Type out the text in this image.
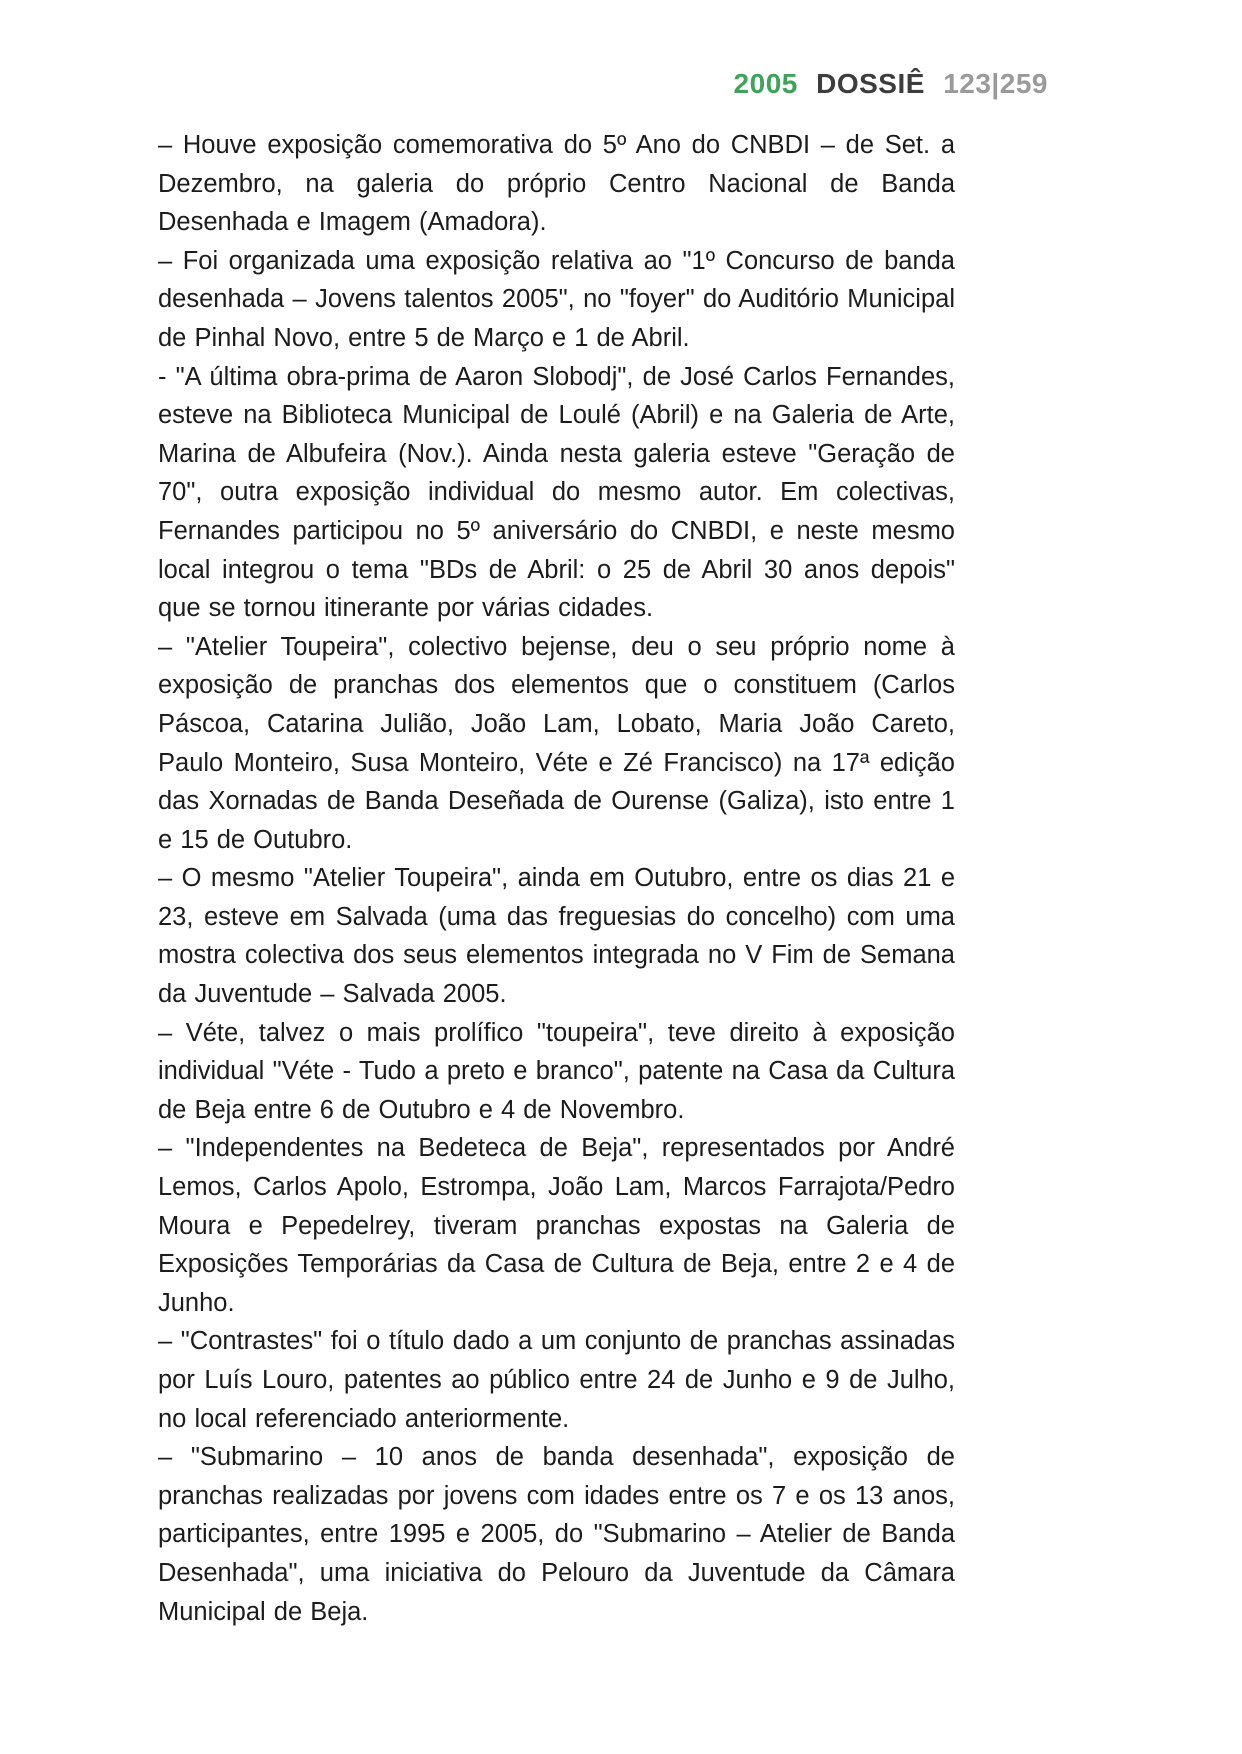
2005 DOSSIÊ 123|259

– Houve exposição comemorativa do 5º Ano do CNBDI – de Set. a Dezembro, na galeria do próprio Centro Nacional de Banda Desenhada e Imagem (Amadora).

– Foi organizada uma exposição relativa ao "1º Concurso de banda desenhada – Jovens talentos 2005", no "foyer" do Auditório Municipal de Pinhal Novo, entre 5 de Março e 1 de Abril.

- "A última obra-prima de Aaron Slobodj", de José Carlos Fernandes, esteve na Biblioteca Municipal de Loulé (Abril) e na Galeria de Arte, Marina de Albufeira (Nov.). Ainda nesta galeria esteve "Geração de 70", outra exposição individual do mesmo autor. Em colectivas, Fernandes participou no 5º aniversário do CNBDI, e neste mesmo local integrou o tema "BDs de Abril: o 25 de Abril 30 anos depois" que se tornou itinerante por várias cidades.

– "Atelier Toupeira", colectivo bejense, deu o seu próprio nome à exposição de pranchas dos elementos que o constituem (Carlos Páscoa, Catarina Julião, João Lam, Lobato, Maria João Careto, Paulo Monteiro, Susa Monteiro, Véte e Zé Francisco) na 17ª edição das Xornadas de Banda Deseñada de Ourense (Galiza), isto entre 1 e 15 de Outubro.

– O mesmo "Atelier Toupeira", ainda em Outubro, entre os dias 21 e 23, esteve em Salvada (uma das freguesias do concelho) com uma mostra colectiva dos seus elementos integrada no V Fim de Semana da Juventude – Salvada 2005.

– Véte, talvez o mais prolífico "toupeira", teve direito à exposição individual "Véte - Tudo a preto e branco", patente na Casa da Cultura de Beja entre 6 de Outubro e 4 de Novembro.

– "Independentes na Bedeteca de Beja", representados por André Lemos, Carlos Apolo, Estrompa, João Lam, Marcos Farrajota/Pedro Moura e Pepedelrey, tiveram pranchas expostas na Galeria de Exposições Temporárias da Casa de Cultura de Beja, entre 2 e 4 de Junho.

– "Contrastes" foi o título dado a um conjunto de pranchas assinadas por Luís Louro, patentes ao público entre 24 de Junho e 9 de Julho, no local referenciado anteriormente.

– "Submarino – 10 anos de banda desenhada", exposição de pranchas realizadas por jovens com idades entre os 7 e os 13 anos, participantes, entre 1995 e 2005, do "Submarino – Atelier de Banda Desenhada", uma iniciativa do Pelouro da Juventude da Câmara Municipal de Beja.
